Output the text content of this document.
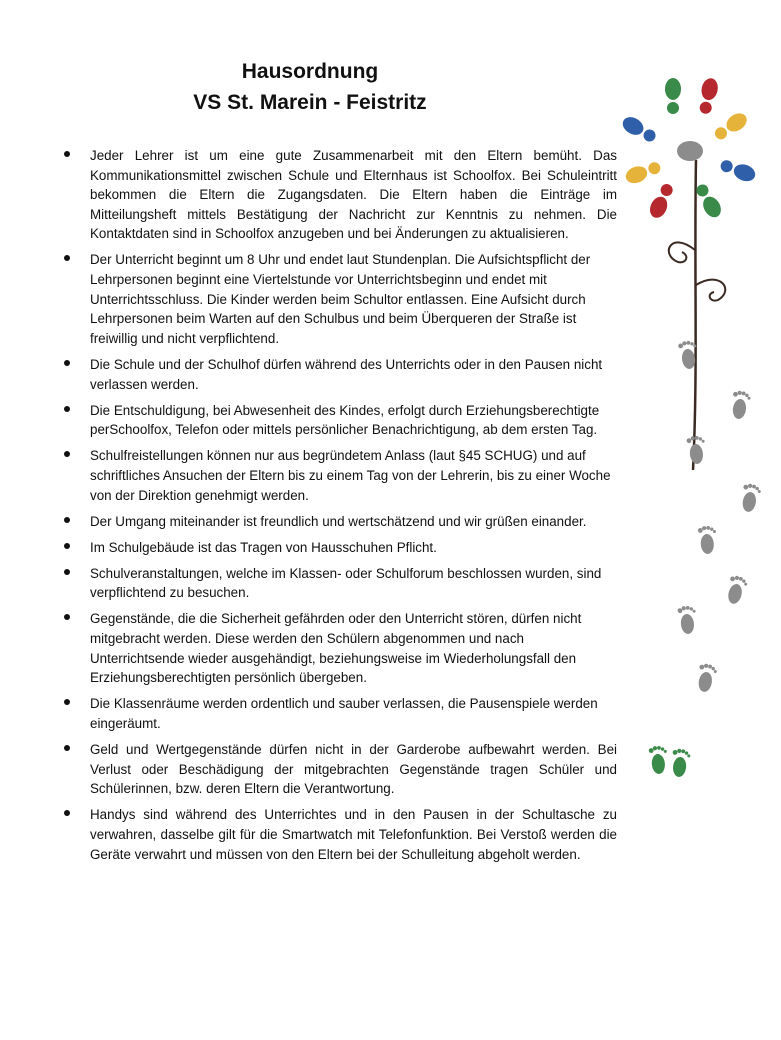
Hausordnung
VS St. Marein - Feistritz
Jeder Lehrer ist um eine gute Zusammenarbeit mit den Eltern bemüht. Das Kommunikationsmittel zwischen Schule und Elternhaus ist Schoolfox. Bei Schuleintritt bekommen die Eltern die Zugangsdaten. Die Eltern haben die Einträge im Mitteilungsheft mittels Bestätigung der Nachricht zur Kenntnis zu nehmen. Die Kontaktdaten sind in Schoolfox anzugeben und bei Änderungen zu aktualisieren.
Der Unterricht beginnt um 8 Uhr und endet laut Stundenplan. Die Aufsichtspflicht der Lehrpersonen beginnt eine Viertelstunde vor Unterrichtsbeginn und endet mit Unterrichtsschluss. Die Kinder werden beim Schultor entlassen. Eine Aufsicht durch Lehrpersonen beim Warten auf den Schulbus und beim Überqueren der Straße ist freiwillig und nicht verpflichtend.
Die Schule und der Schulhof dürfen während des Unterrichts oder in den Pausen nicht verlassen werden.
Die Entschuldigung, bei Abwesenheit des Kindes, erfolgt durch Erziehungsberechtigte perSchoolfox, Telefon oder mittels persönlicher Benachrichtigung, ab dem ersten Tag.
Schulfreistellungen können nur aus begründetem Anlass (laut §45 SCHUG) und auf schriftliches Ansuchen der Eltern bis zu einem Tag von der Lehrerin, bis zu einer Woche von der Direktion genehmigt werden.
Der Umgang miteinander ist freundlich und wertschätzend und wir grüßen einander.
Im Schulgebäude ist das Tragen von Hausschuhen Pflicht.
Schulveranstaltungen, welche im Klassen- oder Schulforum beschlossen wurden, sind verpflichtend zu besuchen.
Gegenstände, die die Sicherheit gefährden oder den Unterricht stören, dürfen nicht mitgebracht werden. Diese werden den Schülern abgenommen und nach Unterrichtsende wieder ausgehändigt, beziehungsweise im Wiederholungsfall den Erziehungsberechtigten persönlich übergeben.
Die Klassenräume werden ordentlich und sauber verlassen, die Pausenspiele werden eingeräumt.
Geld und Wertgegenstände dürfen nicht in der Garderobe aufbewahrt werden. Bei Verlust oder Beschädigung der mitgebrachten Gegenstände tragen Schüler und Schülerinnen, bzw. deren Eltern die Verantwortung.
Handys sind während des Unterrichtes und in den Pausen in der Schultasche zu verwahren, dasselbe gilt für die Smartwatch mit Telefonfunktion. Bei Verstoß werden die Geräte verwahrt und müssen von den Eltern bei der Schulleitung abgeholt werden.
